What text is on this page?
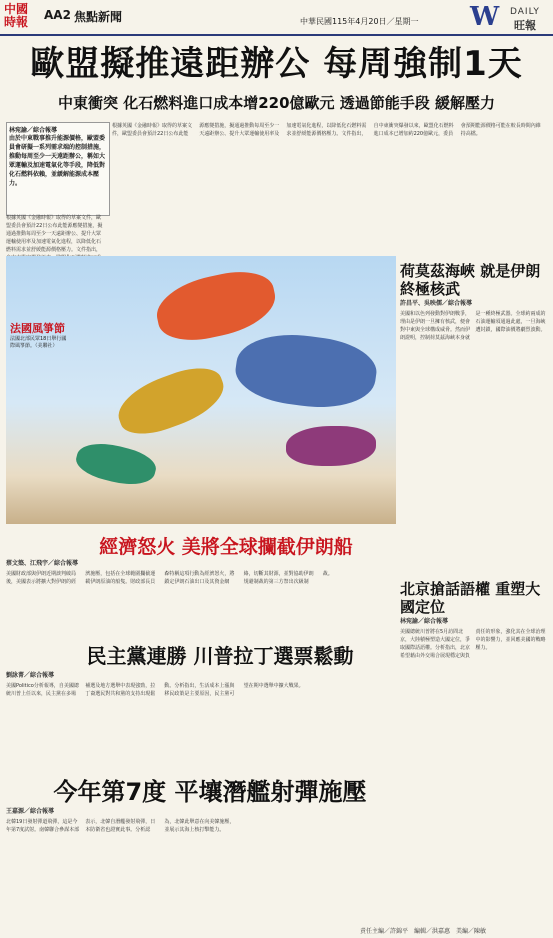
中國時報	AA2 焦點新聞	中華民國115年4月20日／星期一 W DAILY
旺報
歐盟擬推遠距辦公 每周強制1天
中東衝突 化石燃料進口成本增220億歐元 透過節能手段 緩解壓力
林宛諭／綜合報導
由於中東戰事推升能源價格，歐盟委員會研擬一系列需求端的控制措施，推動每周至少一天遠距辦公，稱如大眾運輸及加速電氣化等手段，降低對化石燃料依賴，並緩解能源成本壓力。
根據英國《金融時報》取得的草案文件，歐盟委員會預計22日公布此能源應變措施，擬通過推動每周至少一天遠距辦公、提升大眾運輸使用率及加速電氣化進程，以降低化石燃料需求並舒緩能源價格壓力。文件指出，
根據英國《金融時報》取得的草案文件，歐盟委員會預計22日公布此能源應變措施，擬通過推動每周至少一天遠距辦公、提升大眾運輸使用率及加速電氣化進程，以降低化石燃料需求並舒緩能源價格壓力。文件指出，自中東衝突爆發以來，歐盟化石燃料進口成本已增加約220億歐元，委員會預期能源價格可能在較長時間內維持高檔。
法國風箏節
法國北部民眾18日舉行國際風箏節。（美聯社）
荷莫茲海峽 就是伊朗終極核武
許昌平、吳映儒／綜合報導
美國和以色列發動對伊朗戰爭，理由是伊朗一旦擁有核武，便會對中東與全球構成威脅。然而伊朗證明，控制荷莫茲海峽本身就是一種終極武器。全球約兩成的石油運輸須通過此處，一旦海峽遭封鎖，國際油價將劇烈波動。
經濟怒火 美將全球攔截伊朗船
蔡文築、江飛宇／綜合報導
美國財政部與伊朗近期談判破局後，美國表示將擴大對伊朗的經濟施壓，包括在全球範圍攔截運載伊朗原油的船隻。財政部長貝森特稱這項行動為經濟怒火，將鎖定伊朗石油出口及其資金網絡，切斷其財源，並對協助伊朗規避制裁的第三方祭出次級制裁。
民主黨連勝 川普拉丁選票鬆動
劉詠菁／綜合報導
美國Politico分析報導，自美國總統川普上任以來，民主黨在多場補選及地方選舉中表現強勁，拉丁裔選民對共和黨的支持出現鬆動。分析指出，生活成本上漲與移民政策是主要原因，民主黨可望在期中選舉中擴大戰果。
北京搶話語權 重塑大國定位
林宛諭／綜合報導
美國總統川普將在5月訪問北京，大陸積極塑造大國定位，爭取國際話語權。分析指出，北京希望藉由外交場合展現穩定與負責任的形象，強化其在全球治理中的影響力，並回應美國的戰略壓力。
今年第7度 平壤潛艦射彈施壓
王嘉源／綜合報導
北韓19日發射彈道飛彈，這是今年第7度試射。南韓聯合參謀本部表示，北韓自潛艦發射飛彈，日本防衛省也證實此事。分析認為，北韓此舉意在向美韓施壓，並展示其海上核打擊能力。
責任主編／許錦平　編輯／洪嘉惠　美編／陳敏
